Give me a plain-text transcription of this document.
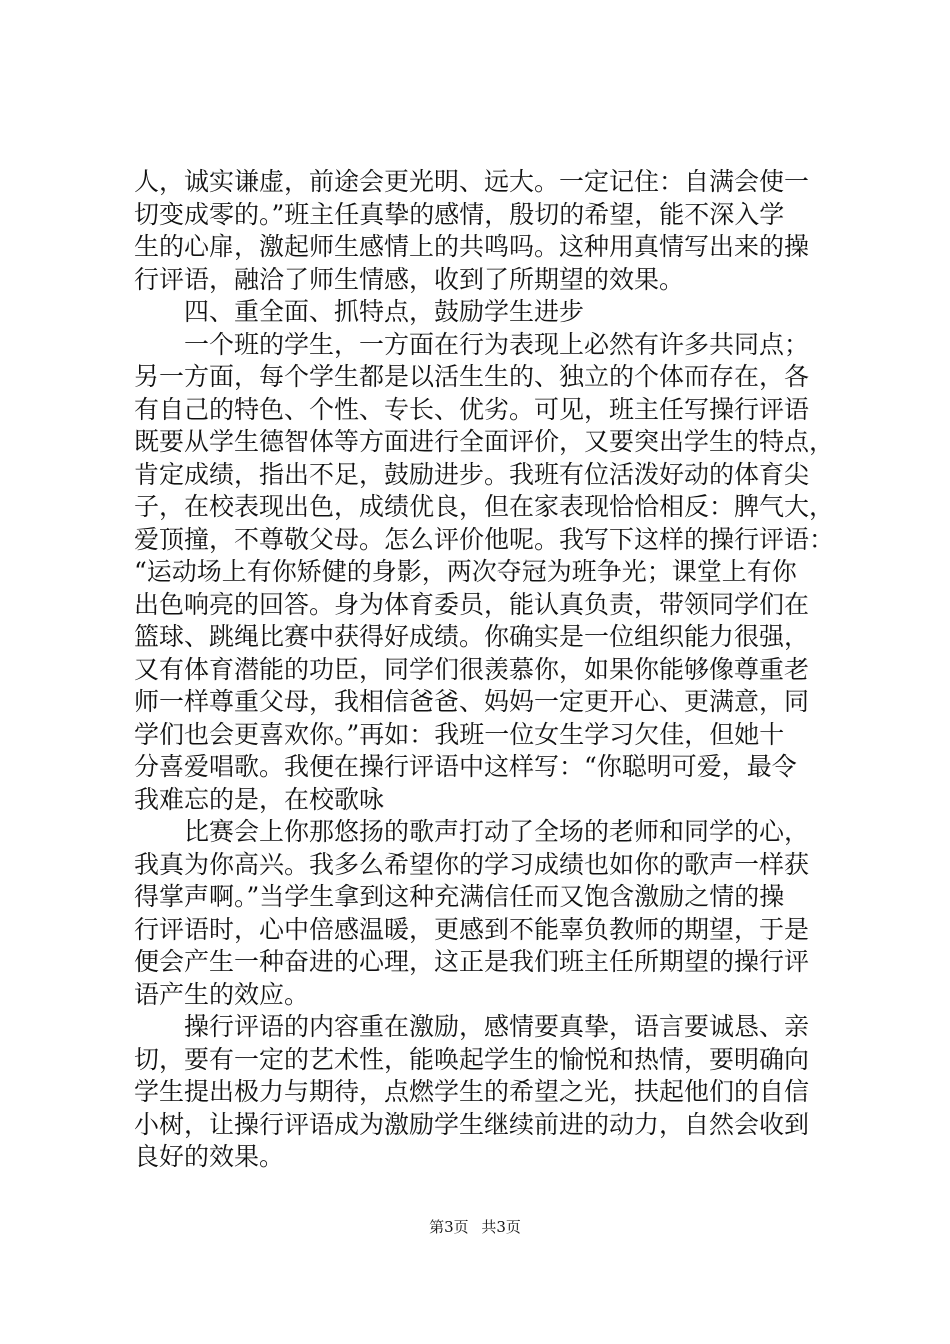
人，诚实谦虚，前途会更光明、远大。一定记住：自满会使一
切变成零的。”班主任真挚的感情，殷切的希望，能不深入学
生的心扉，激起师生感情上的共鸣吗。这种用真情写出来的操
行评语，融洽了师生情感，收到了所期望的效果。
四、重全面、抓特点，鼓励学生进步
一个班的学生，一方面在行为表现上必然有许多共同点；
另一方面，每个学生都是以活生生的、独立的个体而存在，各
有自己的特色、个性、专长、优劣。可见，班主任写操行评语
既要从学生德智体等方面进行全面评价，又要突出学生的特点，
肯定成绩，指出不足，鼓励进步。我班有位活泼好动的体育尖
子，在校表现出色，成绩优良，但在家表现恰恰相反：脾气大，
爱顶撞，不尊敬父母。怎么评价他呢。我写下这样的操行评语：
“运动场上有你矫健的身影，两次夺冠为班争光；课堂上有你
出色响亮的回答。身为体育委员，能认真负责，带领同学们在
篮球、跳绳比赛中获得好成绩。你确实是一位组织能力很强，
又有体育潜能的功臣，同学们很羡慕你，如果你能够像尊重老
师一样尊重父母，我相信爸爸、妈妈一定更开心、更满意，同
学们也会更喜欢你。”再如：我班一位女生学习欠佳，但她十
分喜爱唱歌。我便在操行评语中这样写：“你聪明可爱，最令
我难忘的是，在校歌咏
比赛会上你那悠扬的歌声打动了全场的老师和同学的心，
我真为你高兴。我多么希望你的学习成绩也如你的歌声一样获
得掌声啊。”当学生拿到这种充满信任而又饱含激励之情的操
行评语时，心中倍感温暖，更感到不能辜负教师的期望，于是
便会产生一种奋进的心理，这正是我们班主任所期望的操行评
语产生的效应。
操行评语的内容重在激励，感情要真挚，语言要诚恳、亲
切，要有一定的艺术性，能唤起学生的愉悦和热情，要明确向
学生提出极力与期待，点燃学生的希望之光，扶起他们的自信
小树，让操行评语成为激励学生继续前进的动力，自然会收到
良好的效果。
第3页 共3页
